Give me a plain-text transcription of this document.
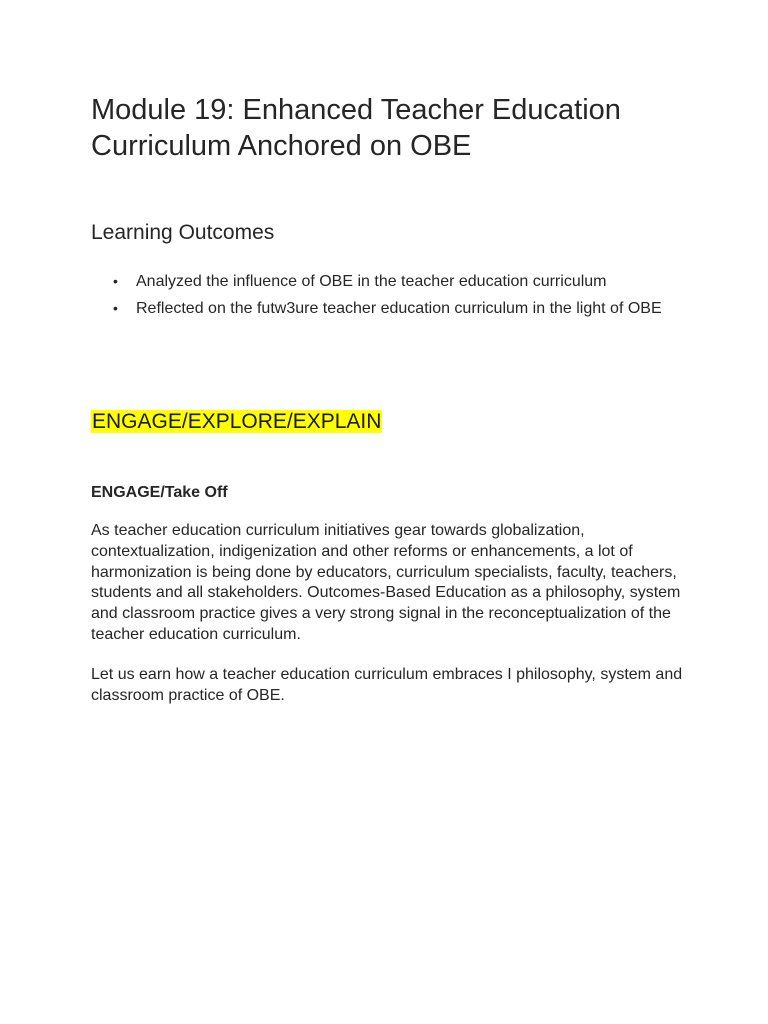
Module 19: Enhanced Teacher Education Curriculum Anchored on OBE
Learning Outcomes
• Analyzed the influence of OBE in the teacher education curriculum
• Reflected on the futw3ure teacher education curriculum in the light of OBE
ENGAGE/EXPLORE/EXPLAIN
ENGAGE/Take Off

As teacher education curriculum initiatives gear towards globalization, contextualization, indigenization and other reforms or enhancements, a lot of harmonization is being done by educators, curriculum specialists, faculty, teachers, students and all stakeholders. Outcomes-Based Education as a philosophy, system and classroom practice gives a very strong signal in the reconceptualization of the teacher education curriculum.

Let us earn how a teacher education curriculum embraces I philosophy, system and classroom practice of OBE.
